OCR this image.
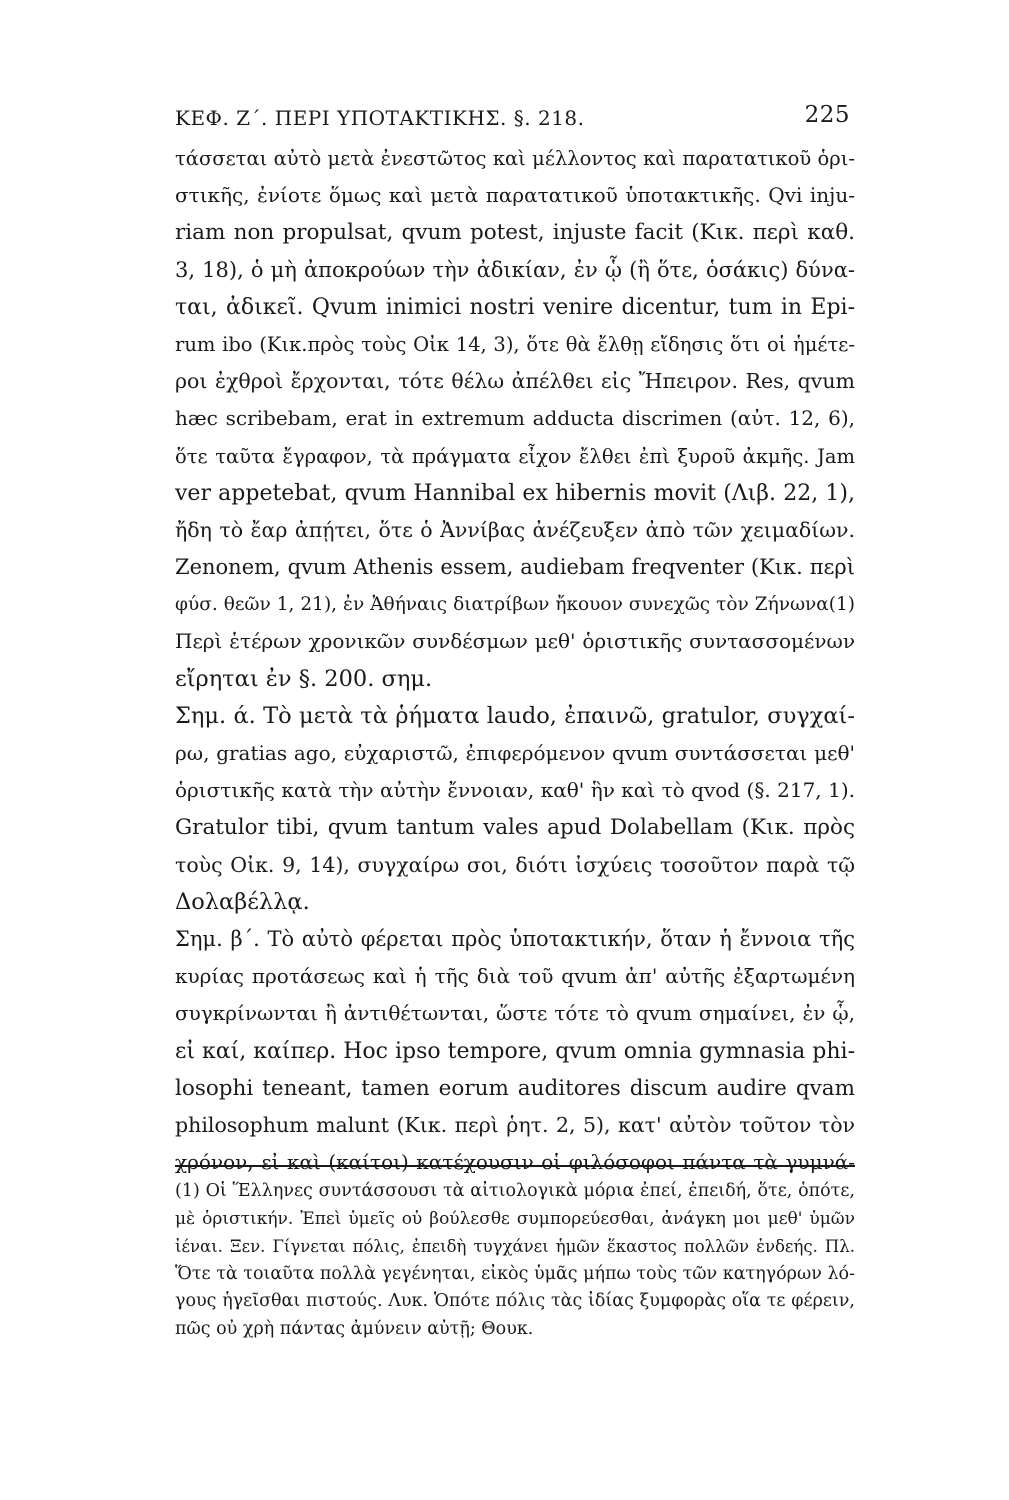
ΚΕΦ. Ζ΄. ΠΕΡΙ ΥΠΟΤΑΚΤΙΚΗΣ. §. 218.	225
τάσσεται αὐτὸ μετὰ ἐνεστῶτος καὶ μέλλοντος καὶ παρατατικοῦ ὁρι-
στικῆς, ἐνίοτε ὅμως καὶ μετὰ παρατατικοῦ ὑποτακτικῆς. Qvi inju-
riam non propulsat, qvum potest, injuste facit (Κικ. περὶ καθ.
3, 18), ὁ μὴ ἀποκρούων τὴν ἀδικίαν, ἐν ᾧ (ἢ ὅτε, ὁσάκις) δύνα-
ται, ἀδικεῖ. Qvum inimici nostri venire dicentur, tum in Epi-
rum ibo (Κικ.πρὸς τοὺς Οἰκ 14, 3), ὅτε θὰ ἔλθῃ εἴδησις ὅτι οἱ ἡμέτε-
ροι ἐχθροὶ ἔρχονται, τότε θέλω ἀπέλθει εἰς Ἤπειρον. Res, qvum
hæc scribebam, erat in extremum adducta discrimen (αὐτ. 12, 6),
ὅτε ταῦτα ἔγραφον, τὰ πράγματα εἶχον ἔλθει ἐπὶ ξυροῦ ἀκμῆς. Jam
ver appetebat, qvum Hannibal ex hibernis movit (Λιβ. 22, 1),
ἤδη τὸ ἔαρ ἀπῄτει, ὅτε ὁ Ἀννίβας ἀνέζευξεν ἀπὸ τῶν χειμαδίων.
Zenonem, qvum Athenis essem, audiebam freqventer (Κικ. περὶ
φύσ. θεῶν 1, 21), ἐν Ἀθήναις διατρίβων ἤκουον συνεχῶς τὸν Ζήνωνα(1)
Περὶ ἑτέρων χρονικῶν συνδέσμων μεθ' ὁριστικῆς συντασσομένων
εἴρηται ἐν §. 200. σημ.
Σημ. ά. Τὸ μετὰ τὰ ῥήματα laudo, ἐπαινῶ, gratulor, συγχαί-
ρω, gratias ago, εὐχαριστῶ, ἐπιφερόμενον qvum συντάσσεται μεθ'
ὁριστικῆς κατὰ τὴν αὐτὴν ἔννοιαν, καθ' ἣν καὶ τὸ qvod (§. 217, 1).
Gratulor tibi, qvum tantum vales apud Dolabellam (Κικ. πρὸς
τοὺς Οἰκ. 9, 14), συγχαίρω σοι, διότι ἰσχύεις τοσοῦτον παρὰ τῷ
Δολαβέλλᾳ.
Σημ. β΄. Τὸ αὐτὸ φέρεται πρὸς ὑποτακτικήν, ὅταν ἡ ἔννοια τῆς
κυρίας προτάσεως καὶ ἡ τῆς διὰ τοῦ qvum ἀπ' αὐτῆς ἐξαρτωμένη
συγκρίνωνται ἢ ἀντιθέτωνται, ὥστε τότε τὸ qvum σημαίνει, ἐν ᾧ,
εἰ καί, καίπερ. Hoc ipso tempore, qvum omnia gymnasia phi-
losophi teneant, tamen eorum auditores discum audire qvam
philosophum malunt (Κικ. περὶ ῥητ. 2, 5), κατ' αὐτὸν τοῦτον τὸν
χρόνον, εἰ καὶ (καίτοι) κατέχουσιν οἱ φιλόσοφοι πάντα τὰ γυμνά-
(1) Οἱ Ἕλληνες συντάσσουσι τὰ αἰτιολογικὰ μόρια ἐπεί, ἐπειδή, ὅτε, ὁπότε,
μὲ ὁριστικήν. Ἐπεὶ ὑμεῖς οὐ βούλεσθε συμπορεύεσθαι, ἀνάγκη μοι μεθ' ὑμῶν
ἰέναι. Ξεν. Γίγνεται πόλις, ἐπειδὴ τυγχάνει ἡμῶν ἕκαστος πολλῶν ἐνδεής. Πλ.
Ὅτε τὰ τοιαῦτα πολλὰ γεγένηται, εἰκὸς ὑμᾶς μήπω τοὺς τῶν κατηγόρων λό-
γους ἡγεῖσθαι πιστούς. Λυκ. Ὁπότε πόλις τὰς ἰδίας ξυμφορὰς οἵα τε φέρειν,
πῶς οὐ χρὴ πάντας ἀμύνειν αὐτῇ; Θουκ.
